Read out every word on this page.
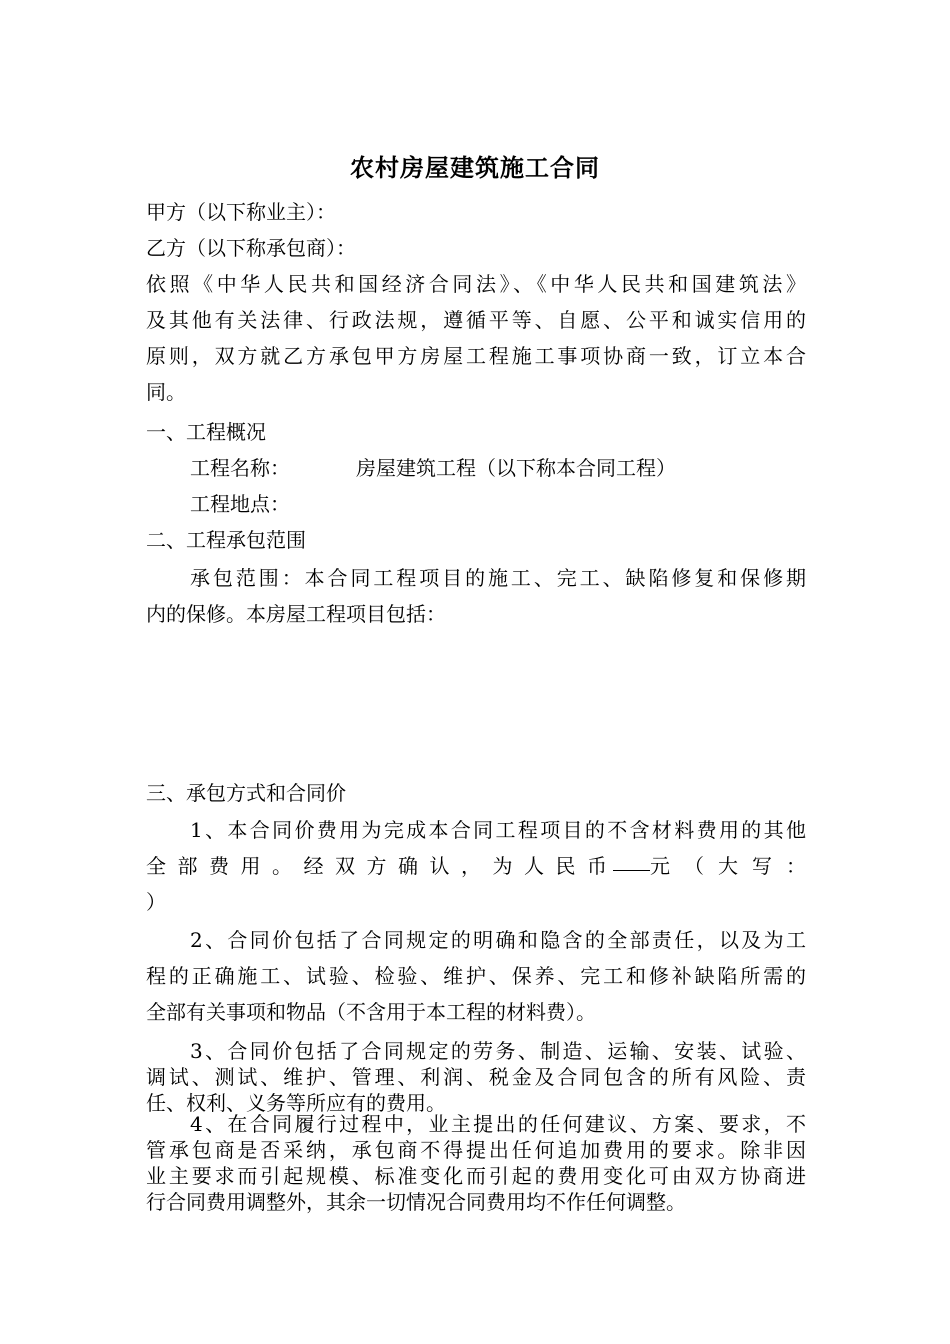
农村房屋建筑施工合同
甲方（以下称业主）：
乙方（以下称承包商）：
依照《中华人民共和国经济合同法》、《中华人民共和国建筑法》
及其他有关法律、行政法规，遵循平等、自愿、公平和诚实信用的
原则，双方就乙方承包甲方房屋工程施工事项协商一致，订立本合
同。
一、工程概况
工程名称：	房屋建筑工程（以下称本合同工程）
工程地点：
二、工程承包范围
承包范围：本合同工程项目的施工、完工、缺陷修复和保修期
内的保修。本房屋工程项目包括：
三、承包方式和合同价
1、本合同价费用为完成本合同工程项目的不含材料费用的其他
全部费用。经双方确认，为人民币 元（大写：
）
2、合同价包括了合同规定的明确和隐含的全部责任，以及为工
程的正确施工、试验、检验、维护、保养、完工和修补缺陷所需的
全部有关事项和物品（不含用于本工程的材料费）。
3、合同价包括了合同规定的劳务、制造、运输、安装、试验、
调试、测试、维护、管理、利润、税金及合同包含的所有风险、责
任、权利、义务等所应有的费用。
4、在合同履行过程中，业主提出的任何建议、方案、要求，不
管承包商是否采纳，承包商不得提出任何追加费用的要求。除非因
业主要求而引起规模、标准变化而引起的费用变化可由双方协商进
行合同费用调整外，其余一切情况合同费用均不作任何调整。
